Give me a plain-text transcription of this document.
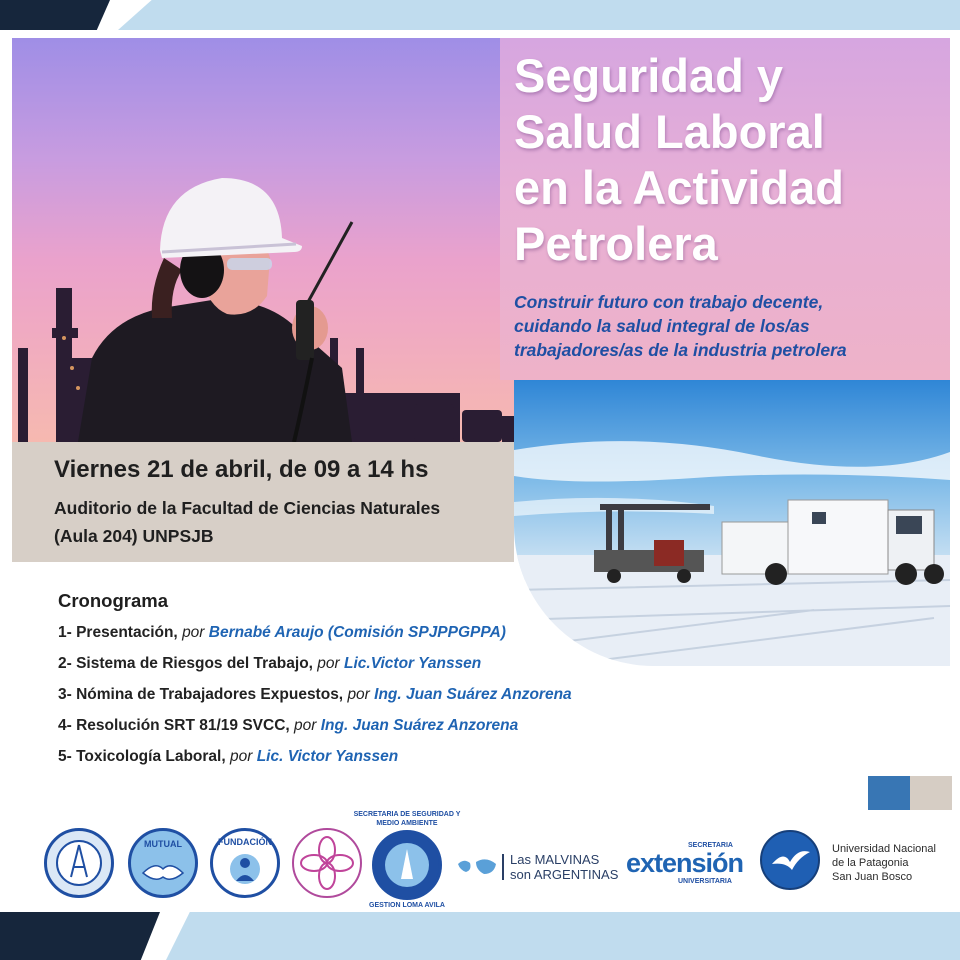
Seguridad y
Salud Laboral
en la Actividad
Petrolera
Construir futuro con trabajo decente,
cuidando la salud integral de los/as
trabajadores/as de la industria petrolera
Viernes 21 de abril, de 09 a 14 hs
Auditorio de la Facultad de Ciencias Naturales
(Aula 204) UNPSJB
Cronograma
1- Presentación, por Bernabé Araujo (Comisión SPJPPGPPA)
2- Sistema de Riesgos del Trabajo, por Lic.Victor Yanssen
3- Nómina de Trabajadores Expuestos, por Ing. Juan Suárez Anzorena
4- Resolución SRT 81/19 SVCC, por Ing. Juan Suárez Anzorena
5- Toxicología Laboral, por Lic. Victor Yanssen
MUTUAL	FUNDACIÓN
SECRETARIA DE SEGURIDAD Y MEDIO AMBIENTE
GESTION LOMA AVILA
Las MALVINAS
son ARGENTINAS
SECRETARIA
extensión
UNIVERSITARIA
Universidad Nacional
de la Patagonia
San Juan Bosco
